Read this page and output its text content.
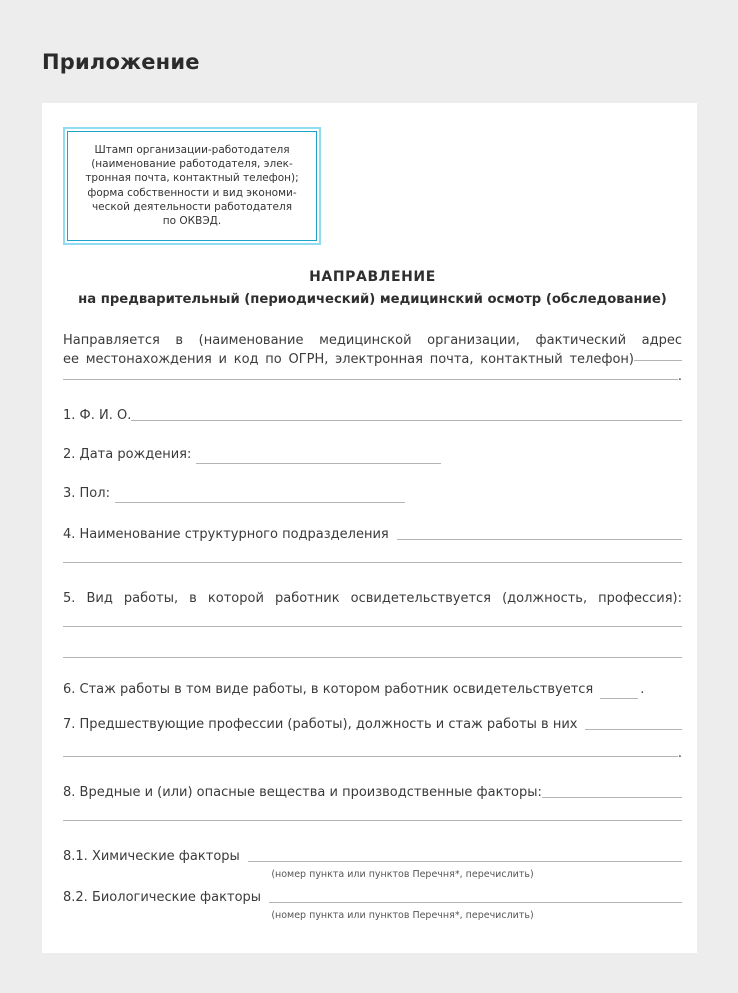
Приложение
Штамп организации-работодателя
(наименование работодателя, элек-
тронная почта, контактный телефон);
форма собственности и вид экономи-
ческой деятельности работодателя
по ОКВЭД.
НАПРАВЛЕНИЕ
на предварительный (периодический) медицинский осмотр (обследование)
Направляется в (наименование медицинской организации, фактический адрес
ее местонахождения и код по ОГРН, электронная почта, контактный телефон)
.
1. Ф. И. О.
2. Дата рождения:
3. Пол:
4. Наименование структурного подразделения
5. Вид работы, в которой работник освидетельствуется (должность, профессия):
6. Стаж работы в том виде работы, в котором работник освидетельствуется	.
7. Предшествующие профессии (работы), должность и стаж работы в них
.
8. Вредные и (или) опасные вещества и производственные факторы:
8.1. Химические факторы
(номер пункта или пунктов Перечня*, перечислить)
8.2. Биологические факторы
(номер пункта или пунктов Перечня*, перечислить)
